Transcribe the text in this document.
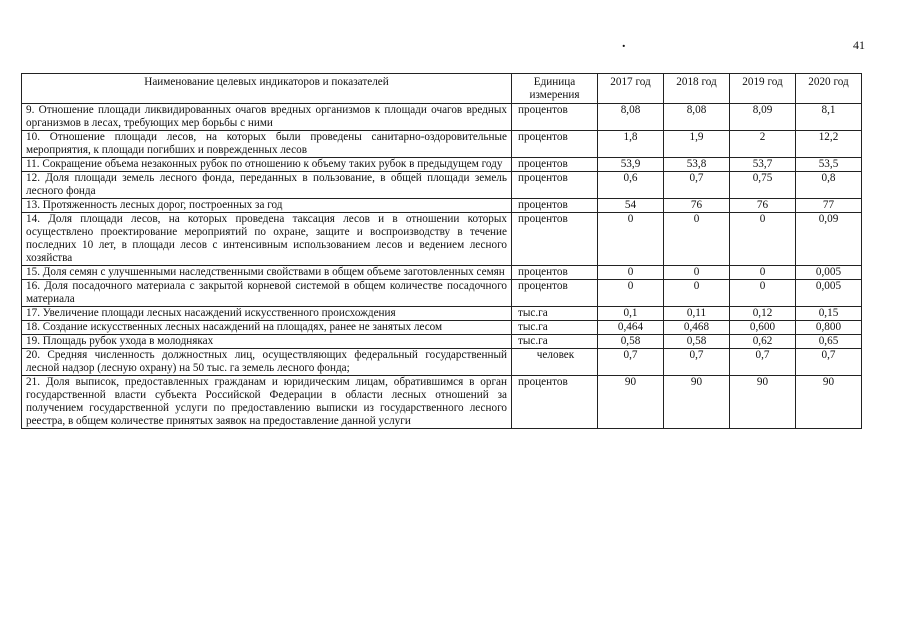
.	41
Наименование целевых индикаторов и показателей	Единица измерения	2017 год	2018 год	2019 год	2020 год
9. Отношение площади ликвидированных очагов вредных организмов к площади очагов вредных организмов в лесах, требующих мер борьбы с ними	процентов	8,08	8,08	8,09	8,1
10. Отношение площади лесов, на которых были проведены санитарно-оздоровительные мероприятия, к площади погибших и поврежденных лесов	процентов	1,8	1,9	2	12,2
11. Сокращение объема незаконных рубок по отношению к объему таких рубок в предыдущем году	процентов	53,9	53,8	53,7	53,5
12. Доля площади земель лесного фонда, переданных в пользование, в общей площади земель лесного фонда	процентов	0,6	0,7	0,75	0,8
13. Протяженность лесных дорог, построенных за год	процентов	54	76	76	77
14. Доля площади лесов, на которых проведена таксация лесов и в отношении которых осуществлено проектирование мероприятий по охране, защите и воспроизводству в течение последних 10 лет, в площади лесов с интенсивным использованием лесов и ведением лесного хозяйства	процентов	0	0	0	0,09
15. Доля семян с улучшенными наследственными свойствами в общем объеме заготовленных семян	процентов	0	0	0	0,005
16. Доля посадочного материала с закрытой корневой системой в общем количестве посадочного материала	процентов	0	0	0	0,005
17. Увеличение площади лесных насаждений искусственного происхождения	тыс.га	0,1	0,11	0,12	0,15
18. Создание искусственных лесных насаждений на площадях, ранее не занятых лесом	тыс.га	0,464	0,468	0,600	0,800
19. Площадь рубок ухода в молодняках	тыс.га	0,58	0,58	0,62	0,65
20. Средняя численность должностных лиц, осуществляющих федеральный государственный лесной надзор (лесную охрану) на 50 тыс. га земель лесного фонда;	человек	0,7	0,7	0,7	0,7
21. Доля выписок, предоставленных гражданам и юридическим лицам, обратившимся в орган государственной власти субъекта Российской Федерации в области лесных отношений за получением государственной услуги по предоставлению выписки из государственного лесного реестра, в общем количестве принятых заявок на предоставление данной услуги	процентов	90	90	90	90
